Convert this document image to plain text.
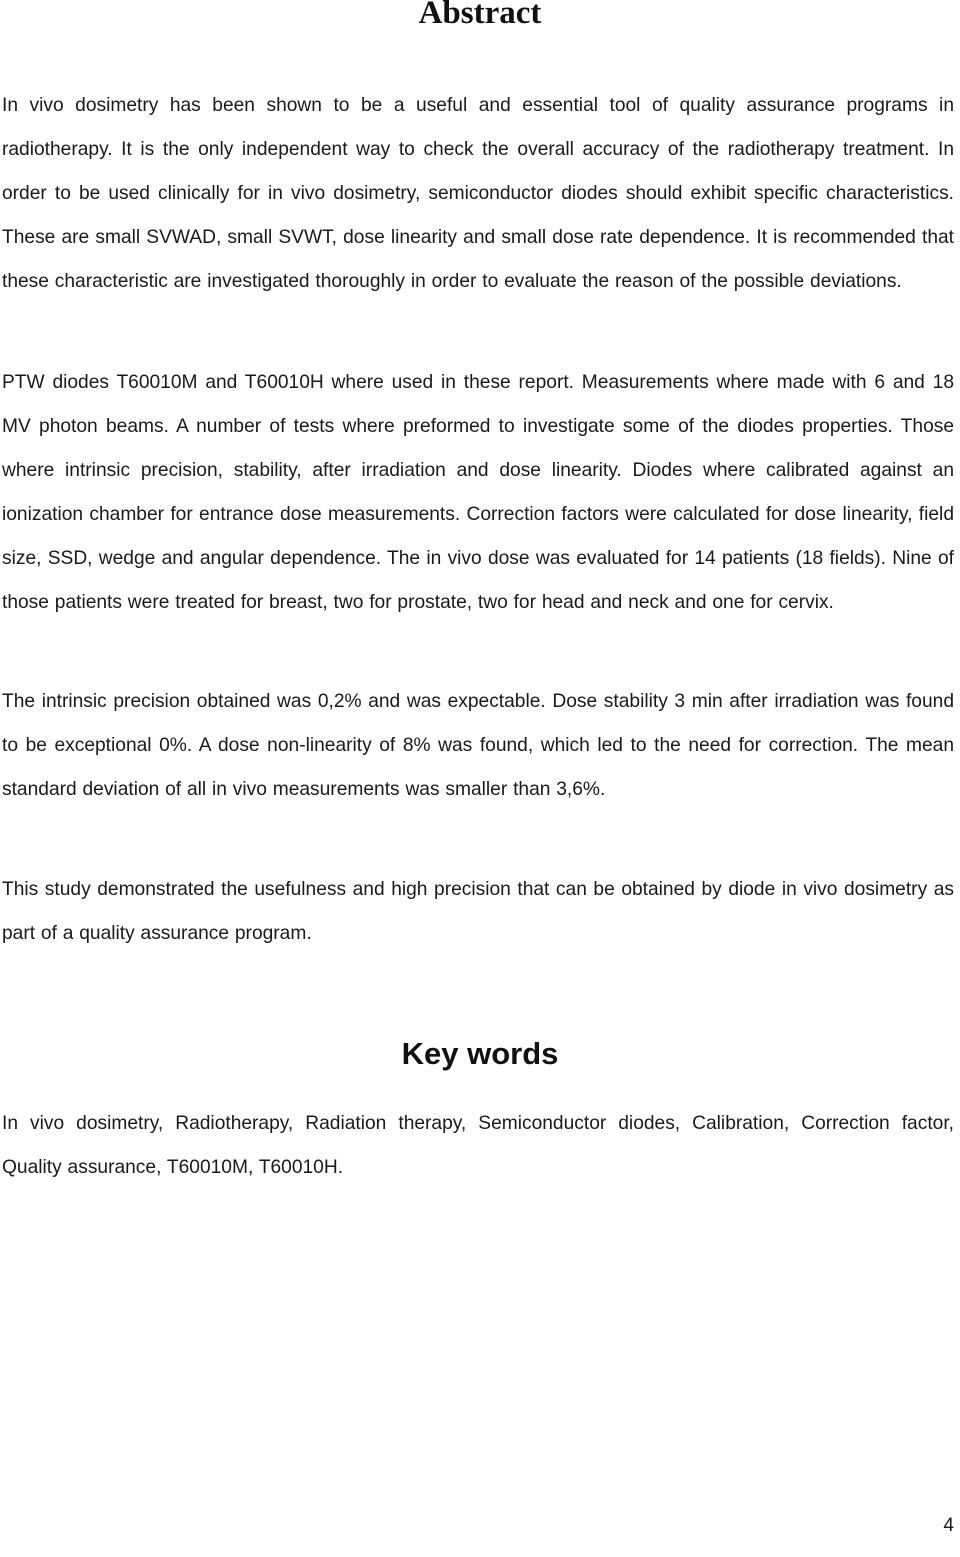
Abstract

In vivo dosimetry has been shown to be a useful and essential tool of quality assurance programs in radiotherapy. It is the only independent way to check the overall accuracy of the radiotherapy treatment. In order to be used clinically for in vivo dosimetry, semiconductor diodes should exhibit specific characteristics. These are small SVWAD, small SVWT, dose linearity and small dose rate dependence. It is recommended that these characteristic are investigated thoroughly in order to evaluate the reason of the possible deviations.

PTW diodes T60010M and T60010H where used in these report. Measurements where made with 6 and 18 MV photon beams. A number of tests where preformed to investigate some of the diodes properties. Those where intrinsic precision, stability, after irradiation and dose linearity. Diodes where calibrated against an ionization chamber for entrance dose measurements. Correction factors were calculated for dose linearity, field size, SSD, wedge and angular dependence. The in vivo dose was evaluated for 14 patients (18 fields). Nine of those patients were treated for breast, two for prostate, two for head and neck and one for cervix.

The intrinsic precision obtained was 0,2% and was expectable. Dose stability 3 min after irradiation was found to be exceptional 0%. A dose non-linearity of 8% was found, which led to the need for correction. The mean standard deviation of all in vivo measurements was smaller than 3,6%.

This study demonstrated the usefulness and high precision that can be obtained by diode in vivo dosimetry as part of a quality assurance program.

Key words

In vivo dosimetry, Radiotherapy, Radiation therapy, Semiconductor diodes, Calibration, Correction factor, Quality assurance, T60010M, T60010H.

4
